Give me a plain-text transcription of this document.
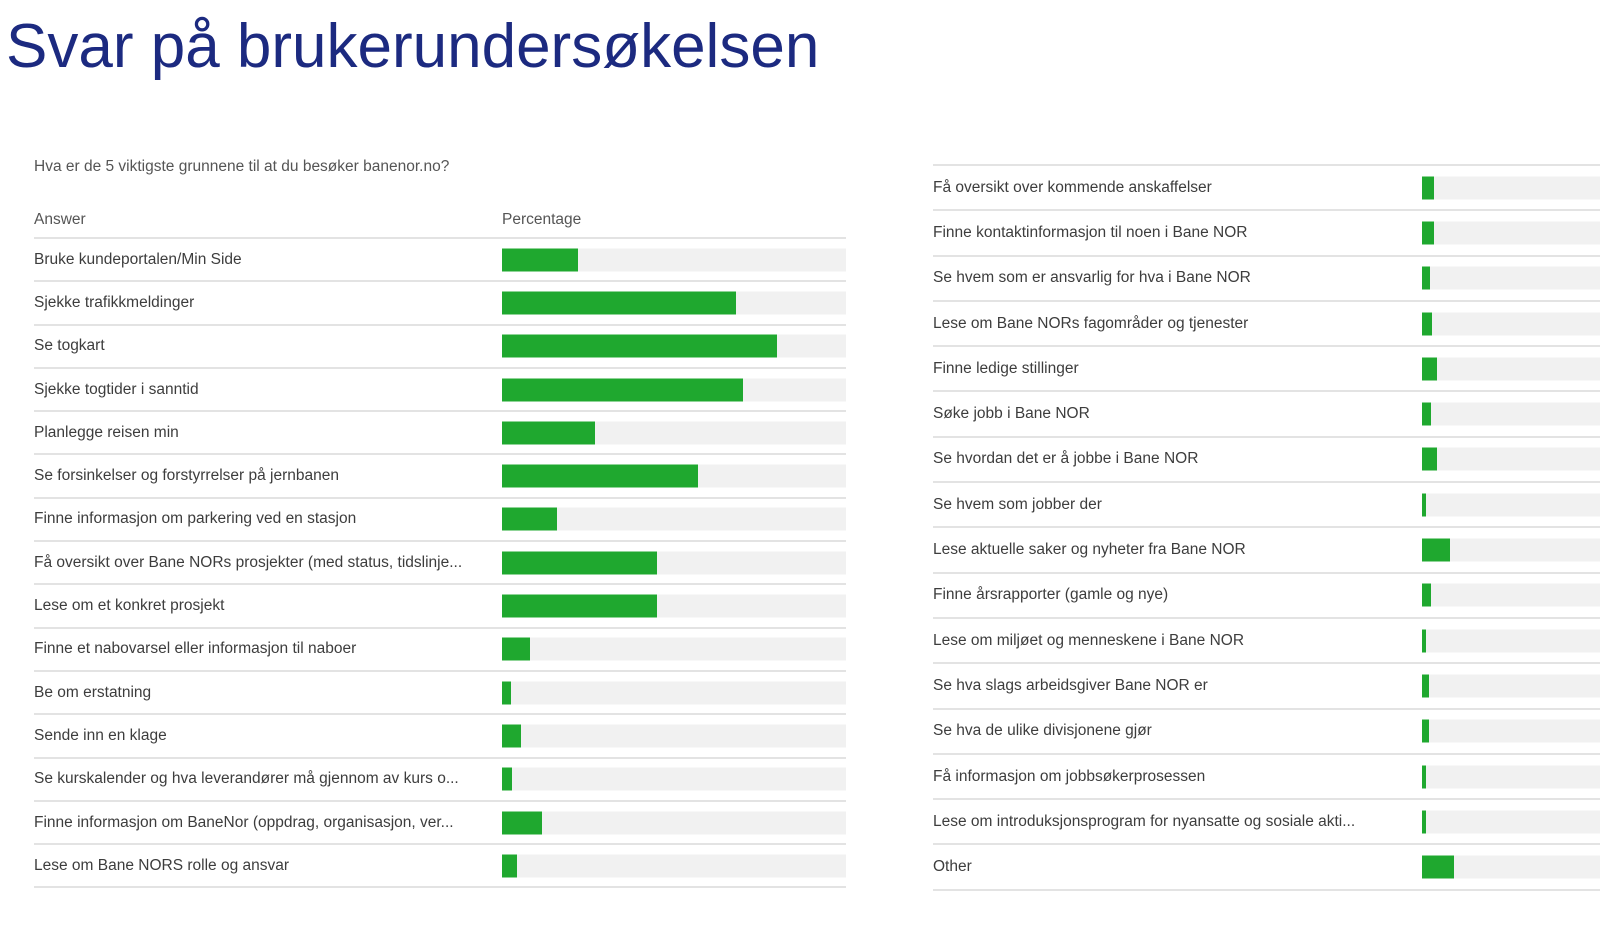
Svar på brukerundersøkelsen
Hva er de 5 viktigste grunnene til at du besøker banenor.no?
Answer	Percentage
Bruke kundeportalen/Min Side
Sjekke trafikkmeldinger
Se togkart
Sjekke togtider i sanntid
Planlegge reisen min
Se forsinkelser og forstyrrelser på jernbanen
Finne informasjon om parkering ved en stasjon
Få oversikt over Bane NORs prosjekter (med status, tidslinje...
Lese om et konkret prosjekt
Finne et nabovarsel eller informasjon til naboer
Be om erstatning
Sende inn en klage
Se kurskalender og hva leverandører må gjennom av kurs o...
Finne informasjon om BaneNor (oppdrag, organisasjon, ver...
Lese om Bane NORS rolle og ansvar
Få oversikt over kommende anskaffelser
Finne kontaktinformasjon til noen i Bane NOR
Se hvem som er ansvarlig for hva i Bane NOR
Lese om Bane NORs fagområder og tjenester
Finne ledige stillinger
Søke jobb i Bane NOR
Se hvordan det er å jobbe i Bane NOR
Se hvem som jobber der
Lese aktuelle saker og nyheter fra Bane NOR
Finne årsrapporter (gamle og nye)
Lese om miljøet og menneskene i Bane NOR
Se hva slags arbeidsgiver Bane NOR er
Se hva de ulike divisjonene gjør
Få informasjon om jobbsøkerprosessen
Lese om introduksjonsprogram for nyansatte og sosiale akti...
Other
